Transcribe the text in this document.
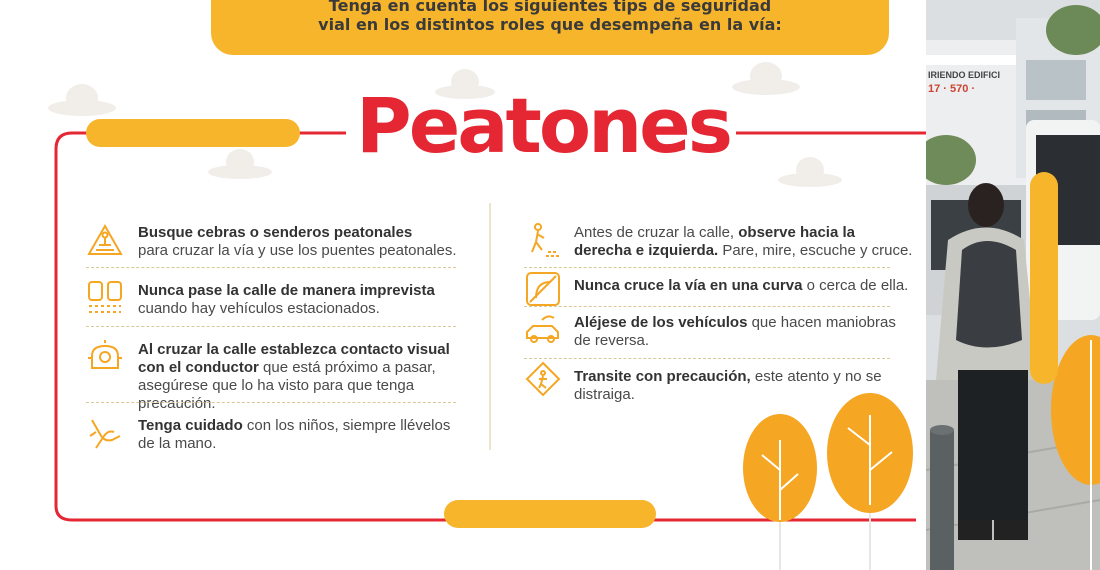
IRIENDO EDIFICI
17 · 570 ·
Tenga en cuenta los siguientes tips de seguridad
vial en los distintos roles que desempeña en la vía:
Peatones
Busque cebras o senderos peatonales
para cruzar la vía y use los puentes peatonales.
Nunca pase la calle de manera imprevista
cuando hay vehículos estacionados.
Al cruzar la calle establezca contacto visual con el conductor que está próximo a pasar, asegúrese que lo ha visto para que tenga precaución.
Tenga cuidado con los niños, siempre llévelos de la mano.
Antes de cruzar la calle, observe hacia la derecha e izquierda. Pare, mire, escuche y cruce.
Nunca cruce la vía en una curva o cerca de ella.
Aléjese de los vehículos que hacen maniobras de reversa.
Transite con precaución, este atento y no se distraiga.
